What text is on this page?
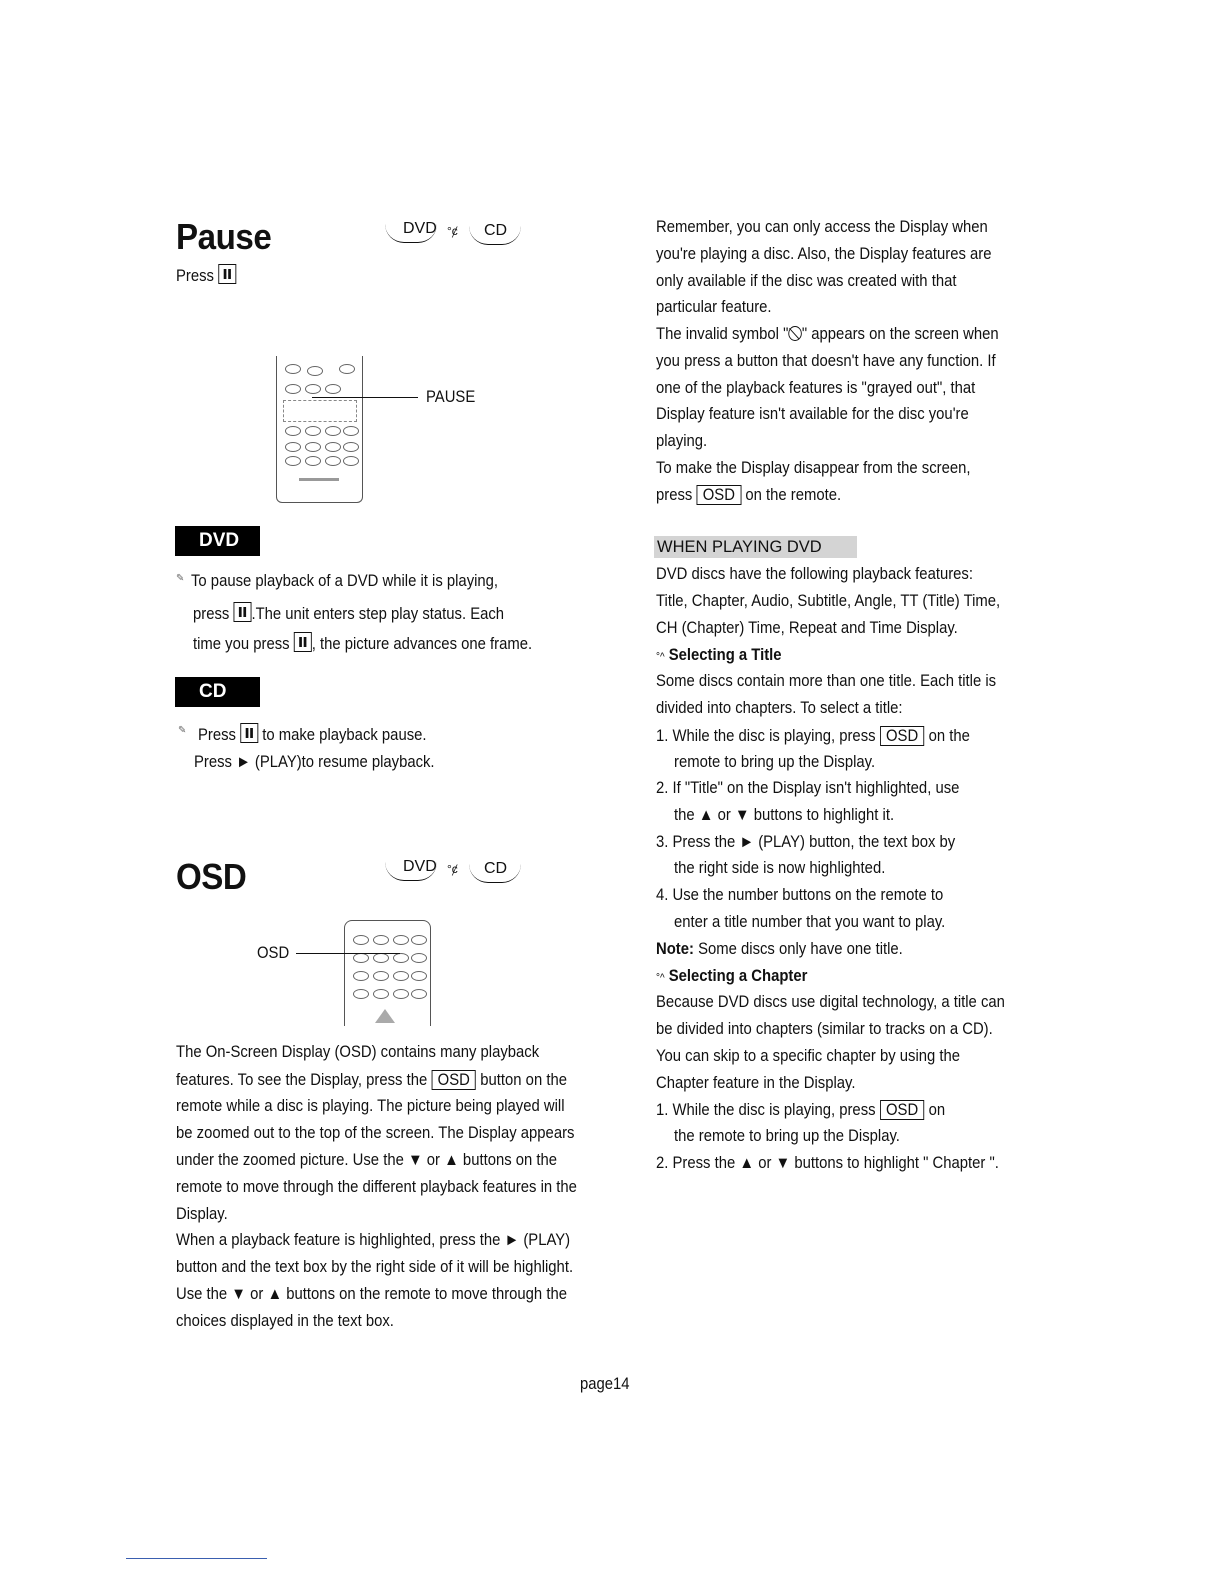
Pause	DVD °ȼ CD
Press
PAUSE
DVD
✎ To pause playback of a DVD while it is playing,
press .The unit enters step play status. Each
time you press , the picture advances one frame.
CD
✎ Press to make playback pause.
Press ► (PLAY)to resume playback.
OSD	DVD °ȼ CD
OSD
The On-Screen Display (OSD) contains many playback
features. To see the Display, press the OSD button on the
remote while a disc is playing. The picture being played will
be zoomed out to the top of the screen. The Display appears
under the zoomed picture. Use the ▼ or ▲ buttons on the
remote to move through the different playback features in the
Display.
When a playback feature is highlighted, press the ► (PLAY)
button and the text box by the right side of it will be highlight.
Use the ▼ or ▲ buttons on the remote to move through the
choices displayed in the text box.
Remember, you can only access the Display when
you're playing a disc. Also, the Display features are
only available if the disc was created with that
particular feature.
The invalid symbol " " appears on the screen when
you press a button that doesn't have any function. If
one of the playback features is "grayed out", that
Display feature isn't available for the disc you're
playing.
To make the Display disappear from the screen,
press OSD on the remote.
WHEN PLAYING DVD
DVD discs have the following playback features:
Title, Chapter, Audio, Subtitle, Angle, TT (Title) Time,
CH (Chapter) Time, Repeat and Time Display.
°^ Selecting a Title
Some discs contain more than one title. Each title is
divided into chapters. To select a title:
1. While the disc is playing, press OSD on the
remote to bring up the Display.
2. If "Title" on the Display isn't highlighted, use
the ▲ or ▼ buttons to highlight it.
3. Press the ► (PLAY) button, the text box by
the right side is now highlighted.
4. Use the number buttons on the remote to
enter a title number that you want to play.
Note: Some discs only have one title.
°^ Selecting a Chapter
Because DVD discs use digital technology, a title can
be divided into chapters (similar to tracks on a CD).
You can skip to a specific chapter by using the
Chapter feature in the Display.
1. While the disc is playing, press OSD on
the remote to bring up the Display.
2. Press the ▲ or ▼ buttons to highlight " Chapter ".
page14
